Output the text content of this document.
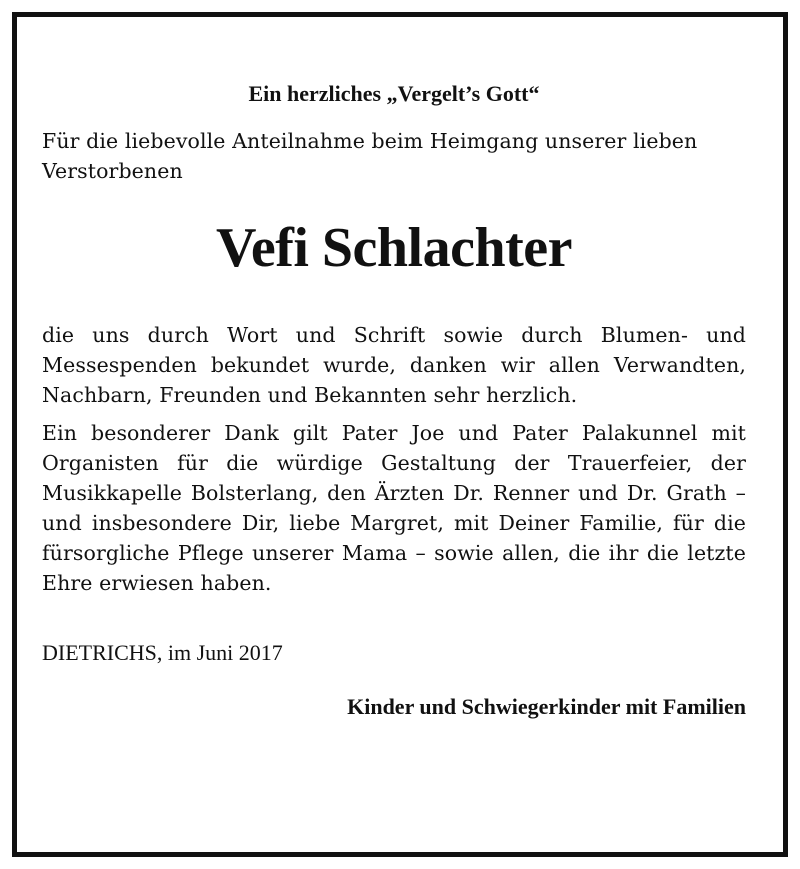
Ein herzliches „Vergelt’s Gott“

Für die liebevolle Anteilnahme beim Heimgang unserer lieben Verstorbenen

Vefi Schlachter

die uns durch Wort und Schrift sowie durch Blumen- und Messespenden bekundet wurde, danken wir allen Verwandten, Nachbarn, Freunden und Bekannten sehr herzlich.

Ein besonderer Dank gilt Pater Joe und Pater Palakunnel mit Organisten für die würdige Gestaltung der Trauerfeier, der Musikkapelle Bolsterlang, den Ärzten Dr. Renner und Dr. Grath – und insbesondere Dir, liebe Margret, mit Deiner Familie, für die fürsorgliche Pflege unserer Mama – sowie allen, die ihr die letzte Ehre erwiesen haben.

DIETRICHS, im Juni 2017

Kinder und Schwiegerkinder mit Familien
